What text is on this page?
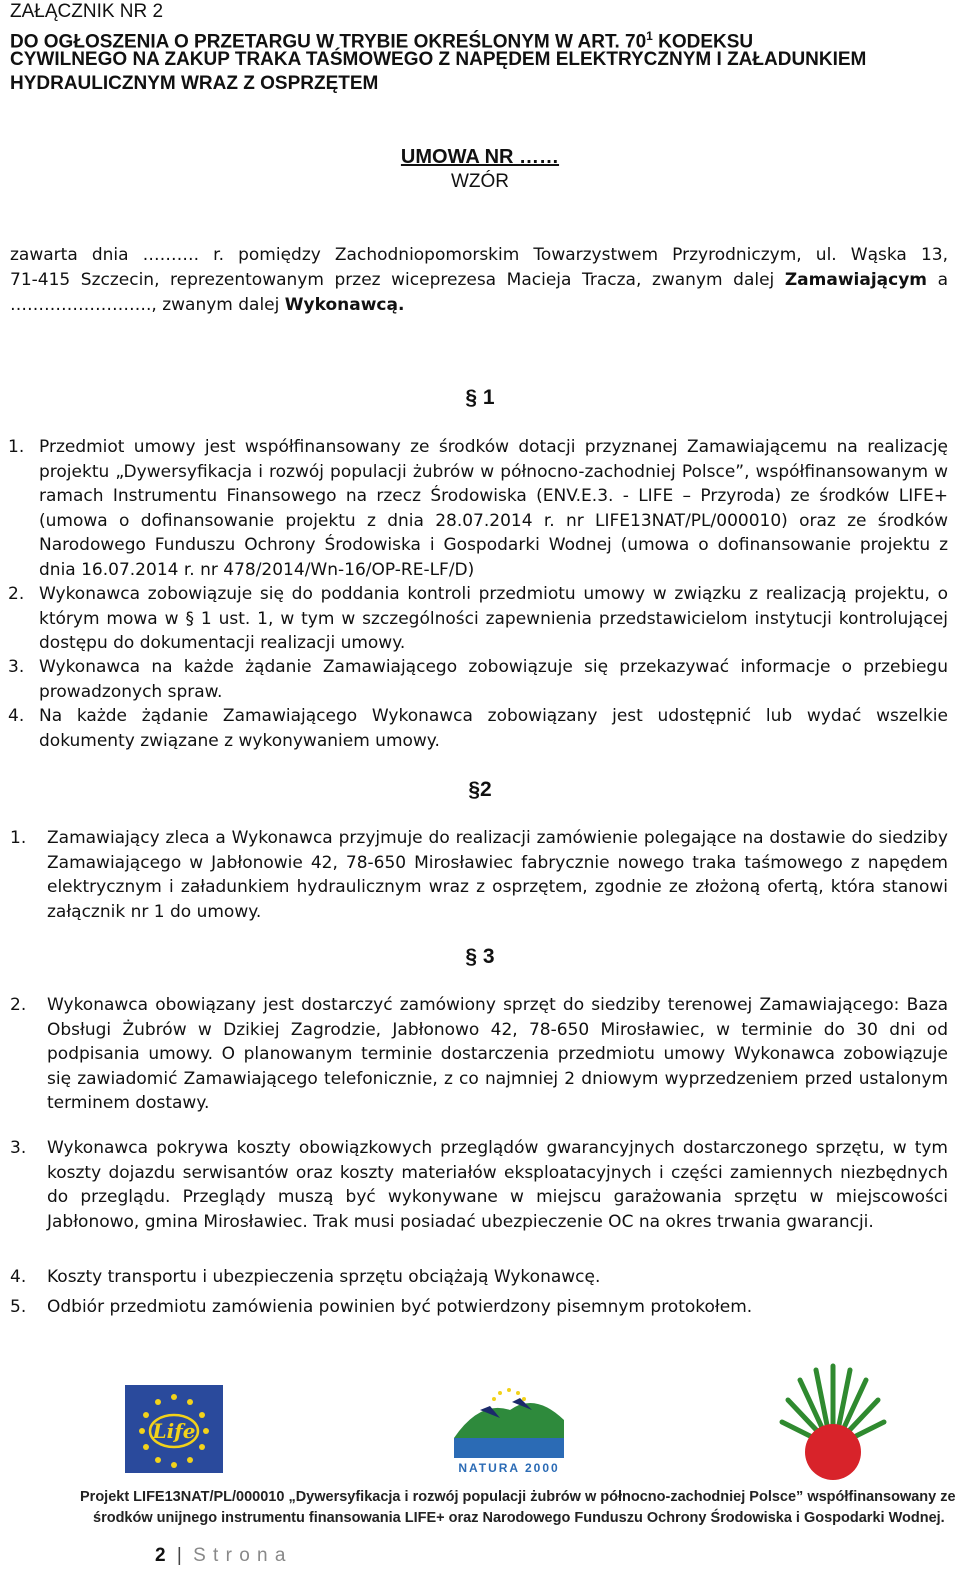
ZAŁĄCZNIK NR 2
DO OGŁOSZENIA O PRZETARGU W TRYBIE OKREŚLONYM W ART. $70^1$ KODEKSU
CYWILNEGO NA ZAKUP TRAKA TAŚMOWEGO Z NAPĘDEM ELEKTRYCZNYM I ZAŁADUNKIEM
HYDRAULICZNYM WRAZ Z OSPRZĘTEM
UMOWA NR ……
WZÓR
zawarta dnia ………. r. pomiędzy Zachodniopomorskim Towarzystwem Przyrodniczym, ul. Wąska 13,
71-415 Szczecin, reprezentowanym przez wiceprezesa Macieja Tracza, zwanym dalej Zamawiającym a
……………………., zwanym dalej Wykonawcą.
§ 1
1. Przedmiot umowy jest współfinansowany ze środków dotacji przyznanej Zamawiającemu na realizację projektu „Dywersyfikacja i rozwój populacji żubrów w północno-zachodniej Polsce”, współfinansowanym w ramach Instrumentu Finansowego na rzecz Środowiska (ENV.E.3. - LIFE – Przyroda) ze środków LIFE+ (umowa o dofinansowanie projektu z dnia 28.07.2014 r. nr LIFE13NAT/PL/000010) oraz ze środków Narodowego Funduszu Ochrony Środowiska i Gospodarki Wodnej (umowa o dofinansowanie projektu z dnia 16.07.2014 r. nr 478/2014/Wn-16/OP-RE-LF/D)
2. Wykonawca zobowiązuje się do poddania kontroli przedmiotu umowy w związku z realizacją projektu, o którym mowa w § 1 ust. 1, w tym w szczególności zapewnienia przedstawicielom instytucji kontrolującej dostępu do dokumentacji realizacji umowy.
3. Wykonawca na każde żądanie Zamawiającego zobowiązuje się przekazywać informacje o przebiegu prowadzonych spraw.
4. Na każde żądanie Zamawiającego Wykonawca zobowiązany jest udostępnić lub wydać wszelkie dokumenty związane z wykonywaniem umowy.
§2
1. Zamawiający zleca a Wykonawca przyjmuje do realizacji zamówienie polegające na dostawie do siedziby Zamawiającego w Jabłonowie 42, 78-650 Mirosławiec fabrycznie nowego traka taśmowego z napędem elektrycznym i załadunkiem hydraulicznym wraz z osprzętem, zgodnie ze złożoną ofertą, która stanowi załącznik nr 1 do umowy.
§ 3
2. Wykonawca obowiązany jest dostarczyć zamówiony sprzęt do siedziby terenowej Zamawiającego: Baza Obsługi Żubrów w Dzikiej Zagrodzie, Jabłonowo 42, 78-650 Mirosławiec, w terminie do 30 dni od podpisania umowy. O planowanym terminie dostarczenia przedmiotu umowy Wykonawca zobowiązuje się zawiadomić Zamawiającego telefonicznie, z co najmniej 2 dniowym wyprzedzeniem przed ustalonym terminem dostawy.
3. Wykonawca pokrywa koszty obowiązkowych przeglądów gwarancyjnych dostarczonego sprzętu, w tym koszty dojazdu serwisantów oraz koszty materiałów eksploatacyjnych i części zamiennych niezbędnych do przeglądu. Przeglądy muszą być wykonywane w miejscu garażowania sprzętu w miejscowości Jabłonowo, gmina Mirosławiec. Trak musi posiadać ubezpieczenie OC na okres trwania gwarancji.
4. Koszty transportu i ubezpieczenia sprzętu obciążają Wykonawcę.
5. Odbiór przedmiotu zamówienia powinien być potwierdzony pisemnym protokołem.
Life
NATURA 2000
Projekt LIFE13NAT/PL/000010 „Dywersyfikacja i rozwój populacji żubrów w północno-zachodniej Polsce” współfinansowany ze
środków unijnego instrumentu finansowania LIFE+ oraz Narodowego Funduszu Ochrony Środowiska i Gospodarki Wodnej.
2 | S t r o n a
